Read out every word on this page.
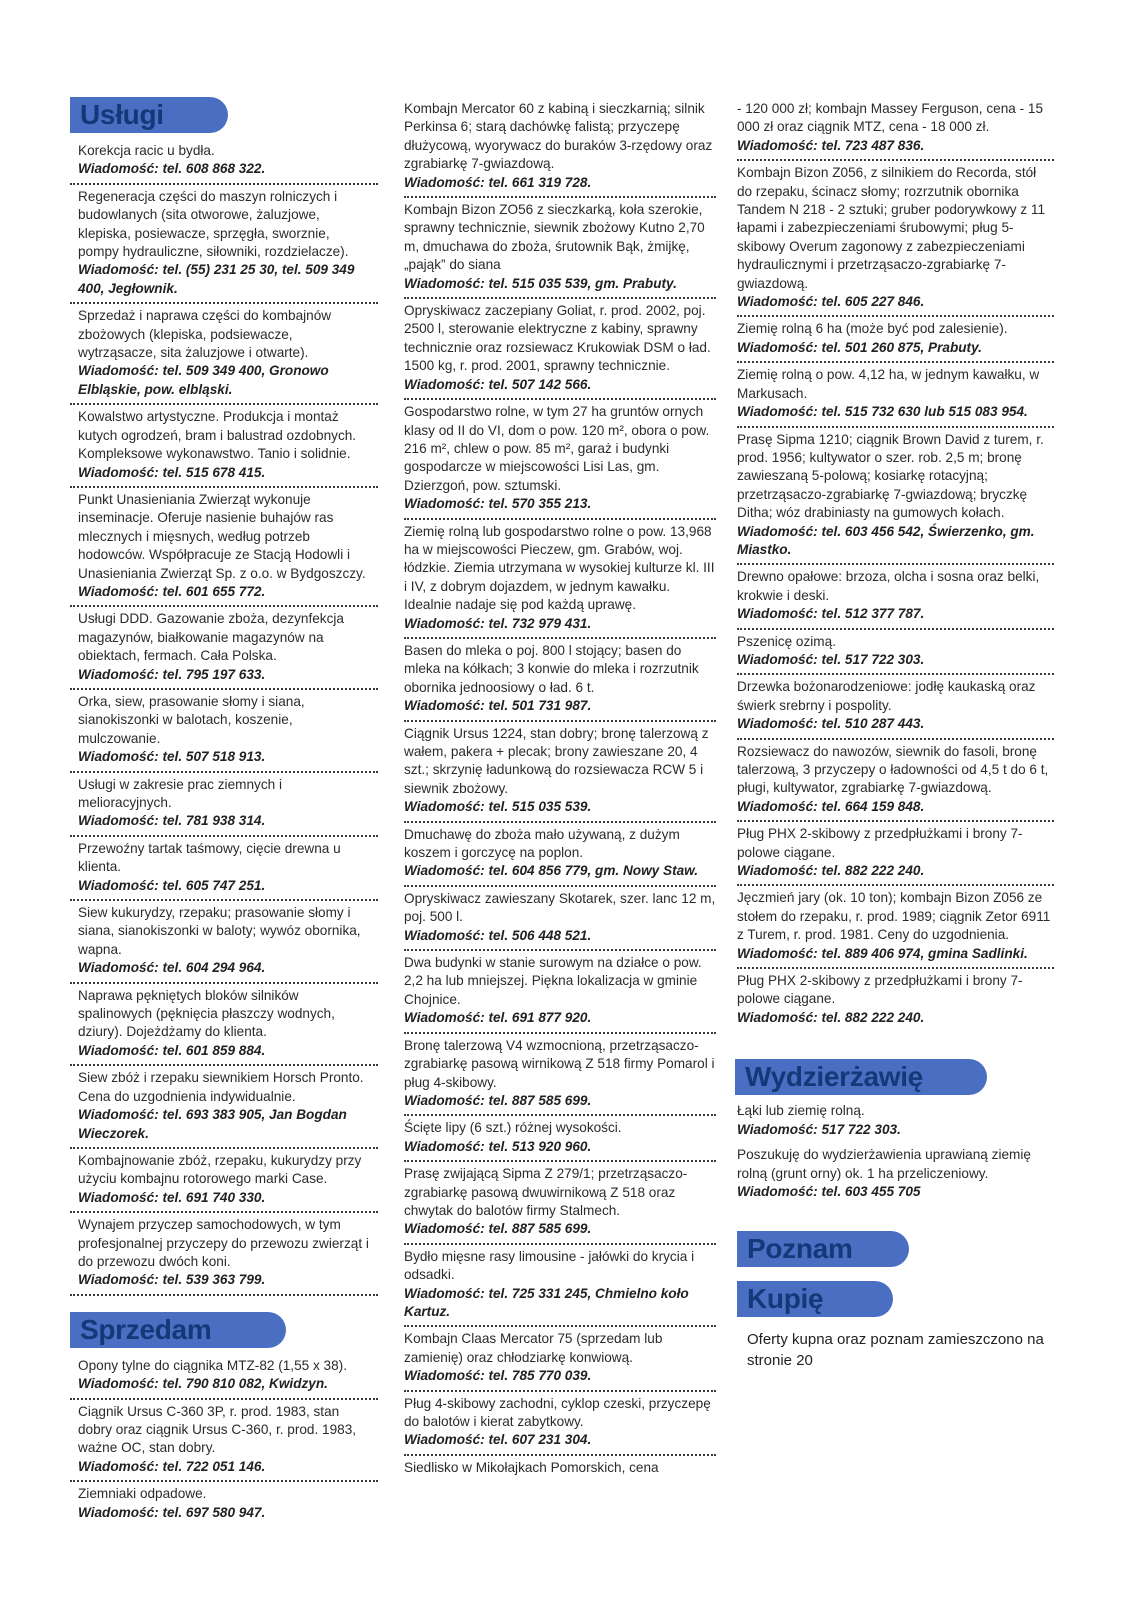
Usługi
Korekcja racic u bydła.
Wiadomość: tel. 608 868 322.
Regeneracja części do maszyn rolniczych i budowlanych (sita otworowe, żaluzjowe, klepiska, posiewacze, sprzęgła, sworznie, pompy hydrauliczne, siłowniki, rozdzielacze).
Wiadomość: tel. (55) 231 25 30, tel. 509 349 400, Jegłownik.
Sprzedaż i naprawa części do kombajnów zbożowych (klepiska, podsiewacze, wytrząsacze, sita żaluzjowe i otwarte).
Wiadomość: tel. 509 349 400, Gronowo Elbląskie, pow. elbląski.
Kowalstwo artystyczne. Produkcja i montaż kutych ogrodzeń, bram i balustrad ozdobnych. Kompleksowe wykonawstwo. Tanio i solidnie.
Wiadomość: tel. 515 678 415.
Punkt Unasieniania Zwierząt wykonuje inseminacje. Oferuje nasienie buhajów ras mlecznych i mięsnych, według potrzeb hodowców. Współpracuje ze Stacją Hodowli i Unasieniania Zwierząt Sp. z o.o. w Bydgoszczy.
Wiadomość: tel. 601 655 772.
Usługi DDD. Gazowanie zboża, dezynfekcja magazynów, białkowanie magazynów na obiektach, fermach. Cała Polska.
Wiadomość: tel. 795 197 633.
Orka, siew, prasowanie słomy i siana, sianokiszonki w balotach, koszenie, mulczowanie.
Wiadomość: tel. 507 518 913.
Usługi w zakresie prac ziemnych i melioracyjnych.
Wiadomość: tel. 781 938 314.
Przewoźny tartak taśmowy, cięcie drewna u klienta.
Wiadomość: tel. 605 747 251.
Siew kukurydzy, rzepaku; prasowanie słomy i siana, sianokiszonki w baloty; wywóz obornika, wapna.
Wiadomość: tel. 604 294 964.
Naprawa pękniętych bloków silników spalinowych (pęknięcia płaszczy wodnych, dziury). Dojeżdżamy do klienta.
Wiadomość: tel. 601 859 884.
Siew zbóż i rzepaku siewnikiem Horsch Pronto. Cena do uzgodnienia indywidualnie.
Wiadomość: tel. 693 383 905, Jan Bogdan Wieczorek.
Kombajnowanie zbóż, rzepaku, kukurydzy przy użyciu kombajnu rotorowego marki Case.
Wiadomość: tel. 691 740 330.
Wynajem przyczep samochodowych, w tym profesjonalnej przyczepy do przewozu zwierząt i do przewozu dwóch koni.
Wiadomość: tel. 539 363 799.
Sprzedam
Opony tylne do ciągnika MTZ-82 (1,55 x 38).
Wiadomość: tel. 790 810 082, Kwidzyn.
Ciągnik Ursus C-360 3P, r. prod. 1983, stan dobry oraz ciągnik Ursus C-360, r. prod. 1983, ważne OC, stan dobry.
Wiadomość: tel. 722 051 146.
Ziemniaki odpadowe.
Wiadomość: tel. 697 580 947.
Kombajn Mercator 60 z kabiną i sieczkarnią; silnik Perkinsa 6; starą dachówkę falistą; przyczepę dłużycową, wyorywacz do buraków 3-rzędowy oraz zgrabiarkę 7-gwiazdową.
Wiadomość: tel. 661 319 728.
Kombajn Bizon ZO56 z sieczkarką, koła szerokie, sprawny technicznie, siewnik zbożowy Kutno 2,70 m, dmuchawa do zboża, śrutownik Bąk, żmijkę, „pająk” do siana
Wiadomość: tel. 515 035 539, gm. Prabuty.
Opryskiwacz zaczepiany Goliat, r. prod. 2002, poj. 2500 l, sterowanie elektryczne z kabiny, sprawny technicznie oraz rozsiewacz Krukowiak DSM o ład. 1500 kg, r. prod. 2001, sprawny technicznie.
Wiadomość: tel. 507 142 566.
Gospodarstwo rolne, w tym 27 ha gruntów ornych klasy od II do VI, dom o pow. 120 m², obora o pow. 216 m², chlew o pow. 85 m², garaż i budynki gospodarcze w miejscowości Lisi Las, gm. Dzierzgoń, pow. sztumski.
Wiadomość: tel. 570 355 213.
Ziemię rolną lub gospodarstwo rolne o pow. 13,968 ha w miejscowości Pieczew, gm. Grabów, woj. łódzkie. Ziemia utrzymana w wysokiej kulturze kl. III i IV, z dobrym dojazdem, w jednym kawałku. Idealnie nadaje się pod każdą uprawę.
Wiadomość: tel. 732 979 431.
Basen do mleka o poj. 800 l stojący; basen do mleka na kółkach; 3 konwie do mleka i rozrzutnik obornika jednoosiowy o ład. 6 t.
Wiadomość: tel. 501 731 987.
Ciągnik Ursus 1224, stan dobry; bronę talerzową z wałem, pakera + plecak; brony zawieszane 20, 4 szt.; skrzynię ładunkową do rozsiewacza RCW 5 i siewnik zbożowy.
Wiadomość: tel. 515 035 539.
Dmuchawę do zboża mało używaną, z dużym koszem i gorczycę na poplon.
Wiadomość: tel. 604 856 779, gm. Nowy Staw.
Opryskiwacz zawieszany Skotarek, szer. lanc 12 m, poj. 500 l.
Wiadomość: tel. 506 448 521.
Dwa budynki w stanie surowym na działce o pow. 2,2 ha lub mniejszej. Piękna lokalizacja w gminie Chojnice.
Wiadomość: tel. 691 877 920.
Bronę talerzową V4 wzmocnioną, przetrząsaczo-zgrabiarkę pasową wirnikową Z 518 firmy Pomarol i pług 4-skibowy.
Wiadomość: tel. 887 585 699.
Ścięte lipy (6 szt.) różnej wysokości.
Wiadomość: tel. 513 920 960.
Prasę zwijającą Sipma Z 279/1; przetrząsaczo-zgrabiarkę pasową dwuwirnikową Z 518 oraz chwytak do balotów firmy Stalmech.
Wiadomość: tel. 887 585 699.
Bydło mięsne rasy limousine - jałówki do krycia i odsadki.
Wiadomość: tel. 725 331 245, Chmielno koło Kartuz.
Kombajn Claas Mercator 75 (sprzedam lub zamienię) oraz chłodziarkę konwiową.
Wiadomość: tel. 785 770 039.
Pług 4-skibowy zachodni, cyklop czeski, przyczepę do balotów i kierat zabytkowy.
Wiadomość: tel. 607 231 304.
Siedlisko w Mikołajkach Pomorskich, cena
- 120 000 zł; kombajn Massey Ferguson, cena - 15 000 zł oraz ciągnik MTZ, cena - 18 000 zł.
Wiadomość: tel. 723 487 836.
Kombajn Bizon Z056, z silnikiem do Recorda, stół do rzepaku, ścinacz słomy; rozrzutnik obornika Tandem N 218 - 2 sztuki; gruber podorywkowy z 11 łapami i zabezpieczeniami śrubowymi; pług 5-skibowy Overum zagonowy z zabezpieczeniami hydraulicznymi i przetrząsaczo-zgrabiarkę 7-gwiazdową.
Wiadomość: tel. 605 227 846.
Ziemię rolną 6 ha (może być pod zalesienie).
Wiadomość: tel. 501 260 875, Prabuty.
Ziemię rolną o pow. 4,12 ha, w jednym kawałku, w Markusach.
Wiadomość: tel. 515 732 630 lub 515 083 954.
Prasę Sipma 1210; ciągnik Brown David z turem, r. prod. 1956; kultywator o szer. rob. 2,5 m; bronę zawieszaną 5-polową; kosiarkę rotacyjną; przetrząsaczo-zgrabiarkę 7-gwiazdową; bryczkę Ditha; wóz drabiniasty na gumowych kołach.
Wiadomość: tel. 603 456 542, Świerzenko, gm. Miastko.
Drewno opałowe: brzoza, olcha i sosna oraz belki, krokwie i deski.
Wiadomość: tel. 512 377 787.
Pszenicę ozimą.
Wiadomość: tel. 517 722 303.
Drzewka bożonarodzeniowe: jodłę kaukaską oraz świerk srebrny i pospolity.
Wiadomość: tel. 510 287 443.
Rozsiewacz do nawozów, siewnik do fasoli, bronę talerzową, 3 przyczepy o ładowności od 4,5 t do 6 t, pługi, kultywator, zgrabiarkę 7-gwiazdową.
Wiadomość: tel. 664 159 848.
Pług PHX 2-skibowy z przedpłużkami i brony 7-polowe ciągane.
Wiadomość: tel. 882 222 240.
Jęczmień jary (ok. 10 ton); kombajn Bizon Z056 ze stołem do rzepaku, r. prod. 1989; ciągnik Zetor 6911 z Turem, r. prod. 1981. Ceny do uzgodnienia.
Wiadomość: tel. 889 406 974, gmina Sadlinki.
Pług PHX 2-skibowy z przedpłużkami i brony 7-polowe ciągane.
Wiadomość: tel. 882 222 240.
Wydzierżawię
Łąki lub ziemię rolną.
Wiadomość: 517 722 303.
Poszukuję do wydzierżawienia uprawianą ziemię rolną (grunt orny) ok. 1 ha przeliczeniowy.
Wiadomość: tel. 603 455 705
Poznam Kupię
Oferty kupna oraz poznam zamieszczono na stronie 20
